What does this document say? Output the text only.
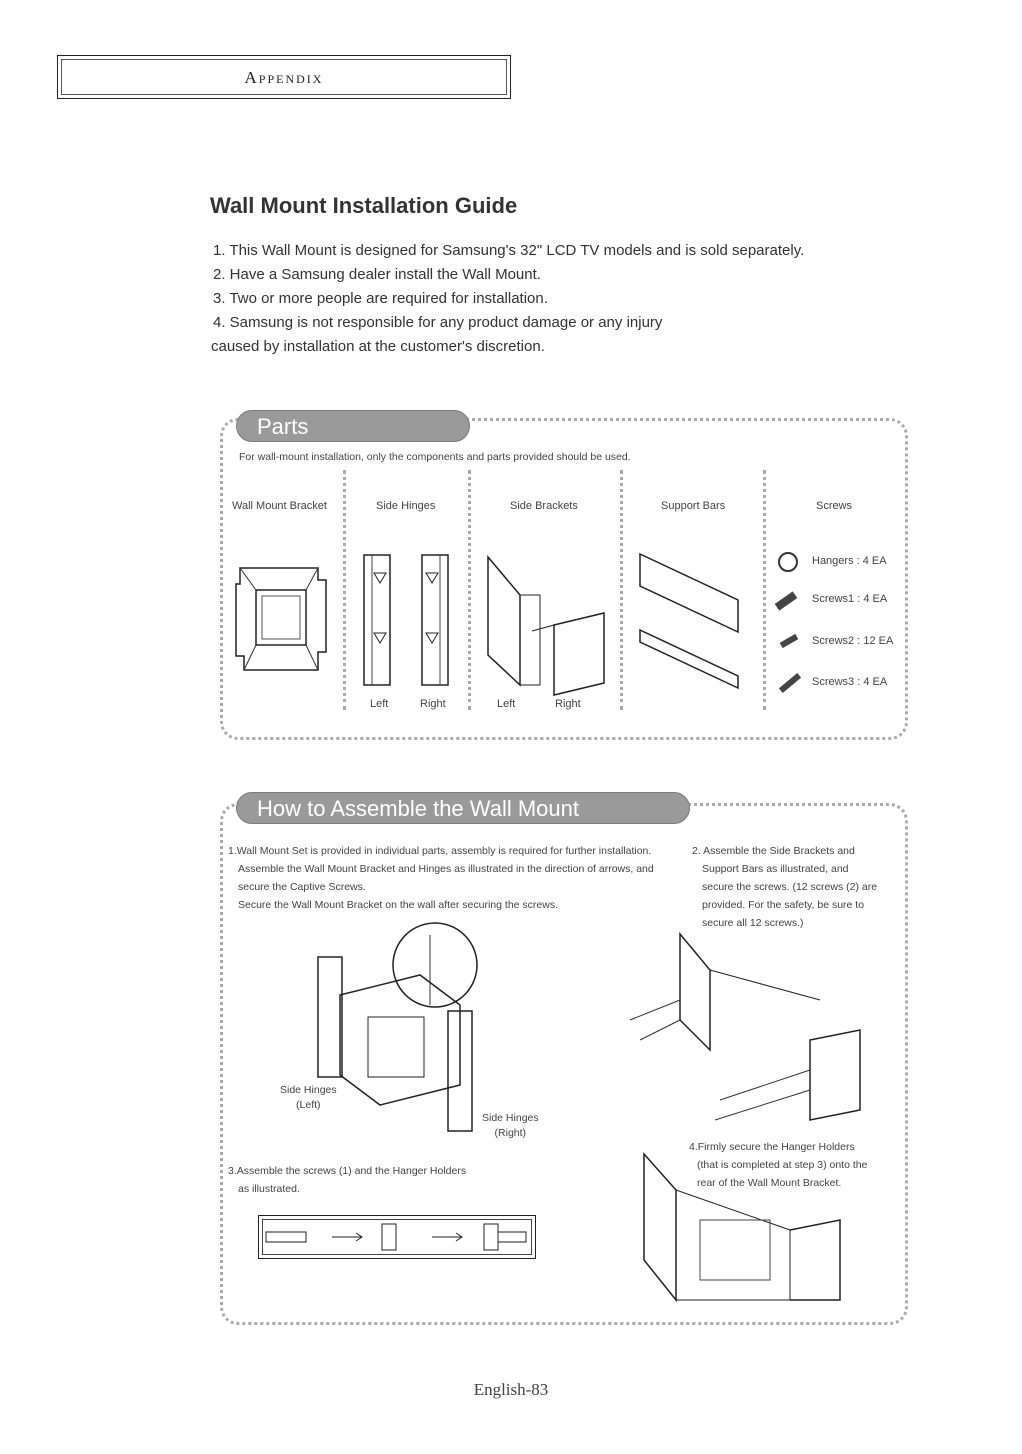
Appendix
Wall Mount Installation Guide
1. This Wall Mount is designed for Samsung's 32" LCD TV models and is sold separately.
2. Have a Samsung dealer install the Wall Mount.
3. Two or more people are required for installation.
4. Samsung is not responsible for any product damage or any injury
caused by installation at the customer's discretion.
Parts
For wall-mount installation, only the components and parts provided should be used.
Wall Mount Bracket	Side Hinges	Side Brackets	Support Bars	Screws
Left	Right	Left	Right
Hangers : 4 EA
Screws1 : 4 EA
Screws2 : 12 EA
Screws3 : 4 EA
How to Assemble the Wall Mount
1.Wall Mount Set is provided in individual parts, assembly is required for further installation.
Assemble the Wall Mount Bracket and Hinges as illustrated in the direction of arrows, and
secure the Captive Screws.
Secure the Wall Mount Bracket on the wall after securing the screws.
2. Assemble the Side Brackets and
Support Bars as illustrated, and
secure the screws. (12 screws (2) are
provided. For the safety, be sure to
secure all 12 screws.)
Side Hinges
(Left)
Side Hinges
(Right)
4.Firmly secure the Hanger Holders
(that is completed at step 3) onto the
rear of the Wall Mount Bracket.
3.Assemble the screws (1) and the Hanger Holders
as illustrated.
English-83
